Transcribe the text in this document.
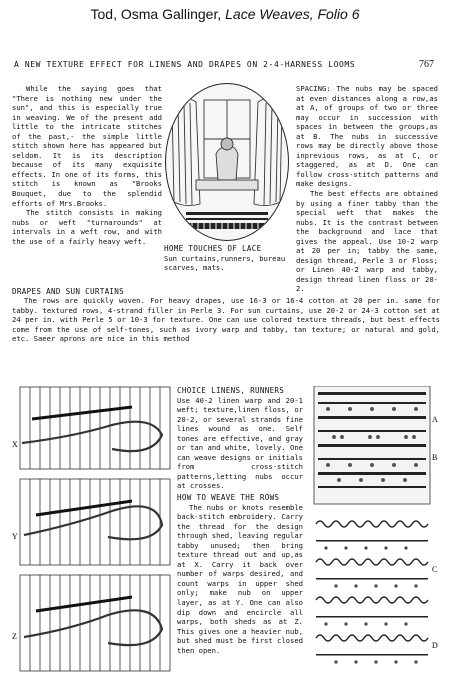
Tod, Osma Gallinger, Lace Weaves, Folio 6
A NEW TEXTURE EFFECT FOR LINENS AND DRAPES ON 2-4-HARNESS LOOMS	767

While the saying goes that "There is nothing new under the sun", and this is especially true in weaving. We of the present add little to the intricate stitches of the past,- the simple little stitch shown here has appeared but seldom. It is its description because of its many exquisite effects. In one of its forms, this stitch is known as "Brooks Bouquet, due to the splendid efforts of Mrs.Brooks.

The stitch consists in making nubs or weft "turnarounds" at intervals in a weft row, and with the use of a fairly heavy weft.

HOME TOUCHES OF LACE
Sun curtains,runners, bureau scarves, mats.

SPACING: The nubs may be spaced at even distances along a row,as at A, of groups of two or three may occur in succession with spaces in between the groups,as at B. The nubs in successive rows may be directly above those inprevious rows, as at C, or staggered, as at D. One can follow cross-stitch patterns and make designs.

The best effects are obtained by using a finer tabby than the special weft that makes the nubs. It is the contrast between the background and lace that gives the appeal. Use 10-2 warp at 20 per in; tabby the same, design thread, Perle 3 or Floss; or Linen 40-2 warp and tabby, design thread linen floss or 20-2.

DRAPES AND SUN CURTAINS
The rows are quickly woven. For heavy drapes, use 16-3 or 16-4 cotton at 20 per in. same for tabby. textured rows, 4-strand filler in Perle 3. For sun curtains, use 20-2 or 24-3 cotton set at 24 per in. with Perle 5 or 10-3 for texture. One can use colored texture threads, but best effects come from the use of self-tones, such as ivory warp and tabby, tan texture; or natural and gold, etc. Saeer aprons are nice in this method
X
Y
Z
CHOICE LINENS, RUNNERS

Use 40-2 linen warp and 20-1 weft; texture,linen floss, or 20-2, or several strands fine lines wound as one. Self tones are effective, and gray or tan and white, lovely. One can weave designs or initials from cross-stitch patterns,letting nubs occur at crosses.

HOW TO WEAVE THE ROWS

The nubs or knots resemble back-stitch embroidery. Carry the thread for the design through shed, leaving regular tabby unused; then bring texture thread out and up,as at X. Carry it back over number of warps desired, and count warps in upper shed only; make nub on upper layer, as at Y. One can also dip down and encircle all warps, both sheds as at Z. This gives one a heavier nub, but shed must be first closed then open.

A
B
C
D
